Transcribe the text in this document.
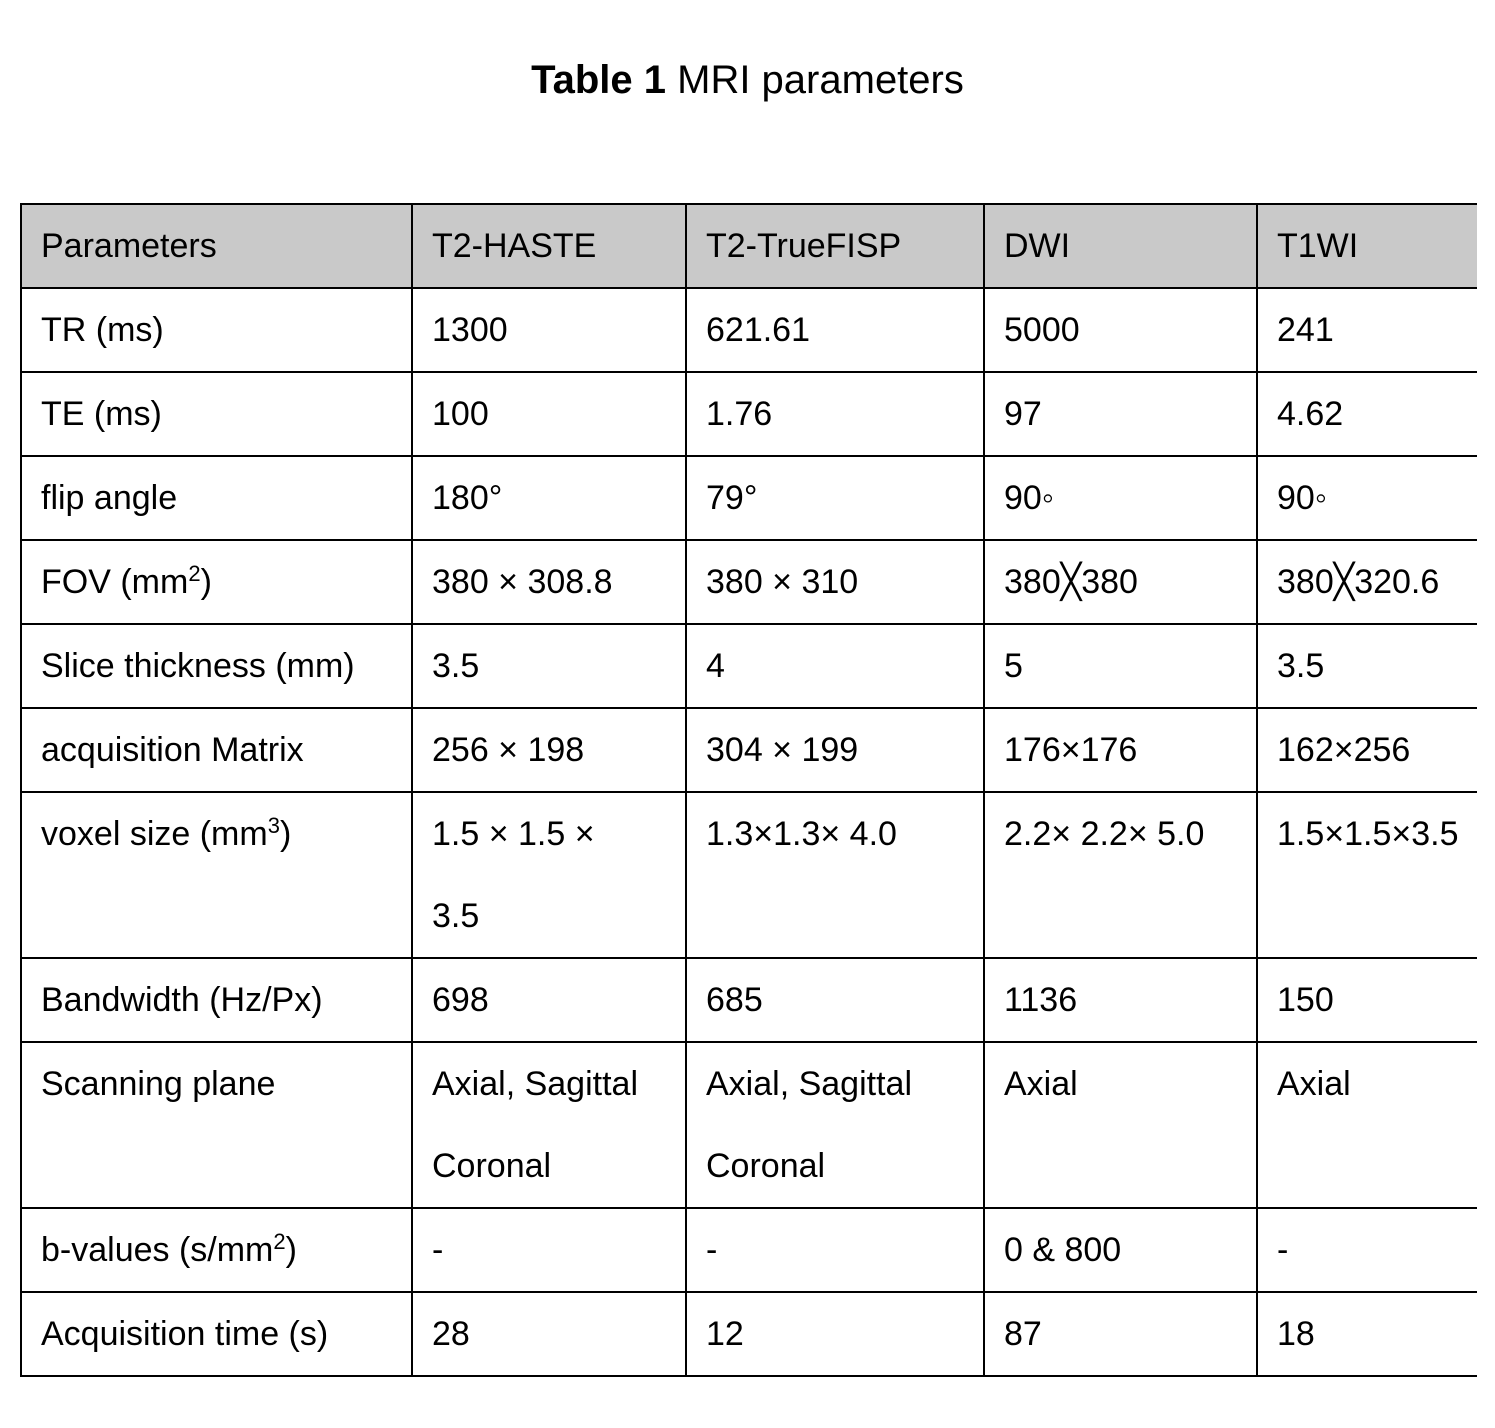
Table 1 MRI parameters
Parameters	T2-HASTE	T2-TrueFISP	DWI	T1WI
TR (ms)	1300	621.61	5000	241
TE (ms)	100	1.76	97	4.62
flip angle	180°	79°	90◦	90◦
FOV $(mm^2)$	380 × 308.8	380 × 310	380╳380	380╳320.6
Slice thickness (mm)	3.5	4	5	3.5
acquisition Matrix	256 × 198	304 × 199	176×176	162×256
voxel size $(mm^3)$	1.5 × 1.5 × 3.5	1.3×1.3× 4.0	2.2× 2.2× 5.0	1.5×1.5×3.5
Bandwidth (Hz/Px)	698	685	1136	150
Scanning plane	Axial, Sagittal Coronal	Axial, Sagittal Coronal	Axial	Axial
b-values $(s/mm^2)$	-	-	0 & 800	-
Acquisition time (s)	28	12	87	18
